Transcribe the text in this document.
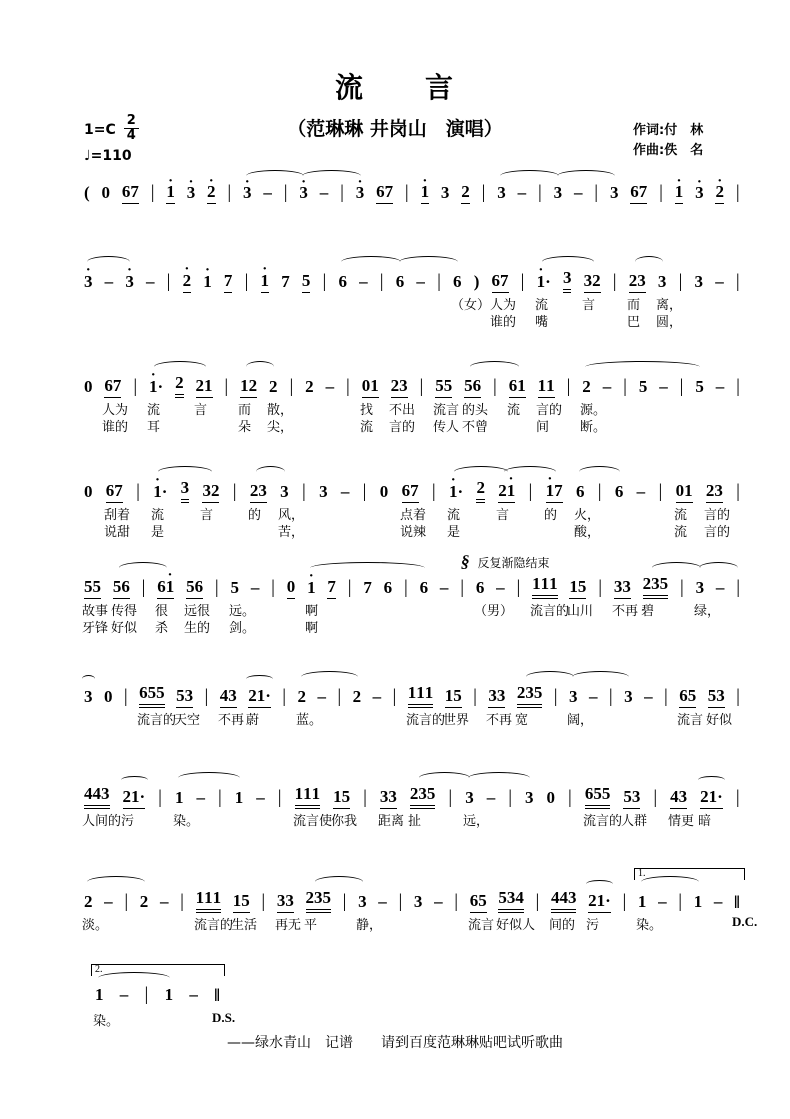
流　　言
（范琳琳 井岗山　演唱）	作词:付　林
作曲:佚　名
$1=C \frac{2}{4}$
♩=110
( 0 67 | 1 · 3 · 2 · | 3 · – | 3 · – | 3 · 67 | 1 · 3 2 | 3 – | 3 – | 3 67 | 1 · 3 · 2 · |
3 · – 3 · – | 2 · 1 · 7 | 1 · 7 5 | 6 – | 6 – | 6 ) 67 | 1 ·· 3 32 | 23 3 | 3 – |
（女） 人为 流	言 而 离，
谁的 嘴	巴 圆，
0 67 | 1 ·· 2 21 | 12 2 | 2 – | 01 23 | 55 56 | 61 11 | 2 – | 5 – | 5 – |
人为 流	言 而 散，	找 不出 流言 的头 流 言的 源。
谁的 耳	朵 尖，	流 言的 传人 不曾	间 断。
0 67 | 1 ·· 3 32 | 23 3 | 3 – | 0 67 | 1 ·· 2 21 · | 1 ·7 6 | 6 – | 01 23 |
刮着 流	言	的 风，	点着 流	言	的 火，	流 言的
说甜 是	苦，	说辣 是	酸，	流 言的
55 56 | 61 · 56 | 5 – | 0 1 · 7 | 7 6 | 6 – | 6 – | 111 15 | 33 235 | 3 – |
故事 传得 很 远很 远。	啊	（男） 流言的
山川 不再 碧	绿，
牙锋 好似 杀 生的 剑。	啊
§ 反复渐隐结束
3 0 | 655 53 | 43 21· | 2 – | 2 – | 111 15 | 33 235 | 3 – | 3 – | 65 53 |
流言的
天空 不再 蔚	蓝。	流言的
世界 不再 宽	阔，	流言 好似
443 21· | 1 – | 1 – | 111 15 | 33 235 | 3 – | 3 0 | 655 53 | 43 21· |
人间的 污	染。	流言使
你我 距离 扯	远，	流言的
人群 情更 暗
2 – | 2 – | 111 15 | 33 235 | 3 – | 3 – | 65 534 | 443 21· | 1 – | 1 – ‖
淡。	流言的
生活 再无 平	静，	流言 好似人 间的 污	染。	D.C.
1.
1 – | 1 – ‖
染。	D.S.
2.
——绿水青山　记谱　　请到百度范琳琳贴吧试听歌曲
